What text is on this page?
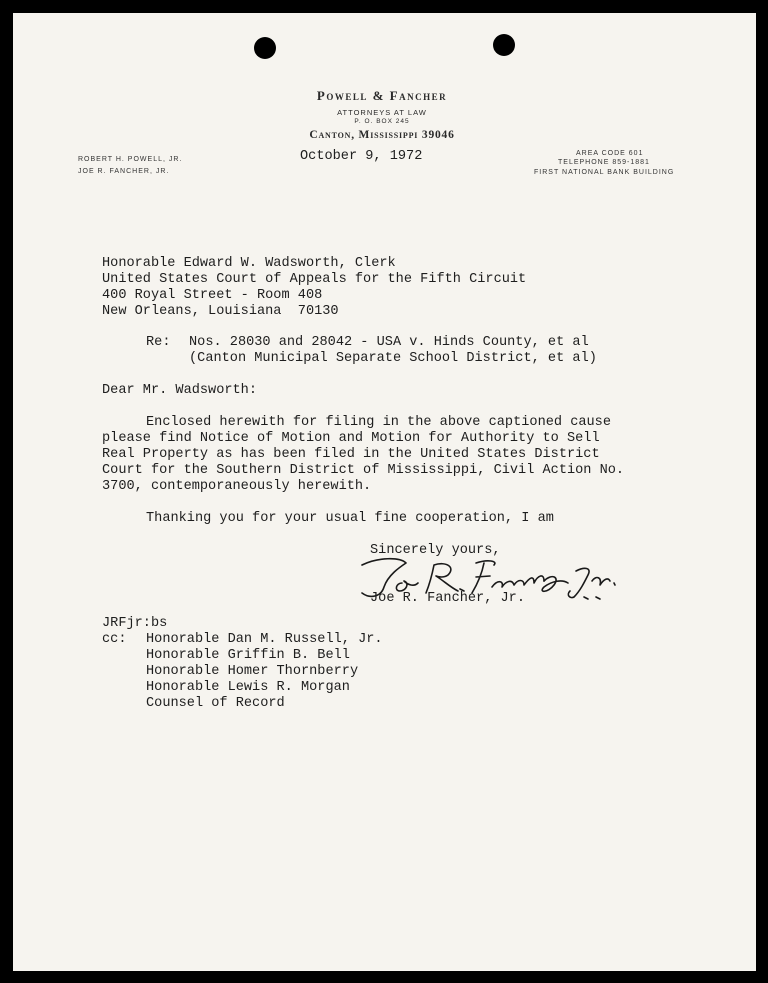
Powell & Fancher
ATTORNEYS AT LAW
P. O. BOX 245
Canton, Mississippi 39046
ROBERT H. POWELL, JR.
JOE R. FANCHER, JR.
AREA CODE 601
TELEPHONE 859-1881
FIRST NATIONAL BANK BUILDING
October 9, 1972
Honorable Edward W. Wadsworth, Clerk
United States Court of Appeals for the Fifth Circuit
400 Royal Street - Room 408
New Orleans, Louisiana  70130
Re: Nos. 28030 and 28042 - USA v. Hinds County, et al
(Canton Municipal Separate School District, et al)
Dear Mr. Wadsworth:
Enclosed herewith for filing in the above captioned cause
please find Notice of Motion and Motion for Authority to Sell
Real Property as has been filed in the United States District
Court for the Southern District of Mississippi, Civil Action No.
3700, contemporaneously herewith.
Thanking you for your usual fine cooperation, I am
Sincerely yours,
Joe R. Fancher, Jr.
JRFjr:bs
cc: Honorable Dan M. Russell, Jr.
Honorable Griffin B. Bell
Honorable Homer Thornberry
Honorable Lewis R. Morgan
Counsel of Record
